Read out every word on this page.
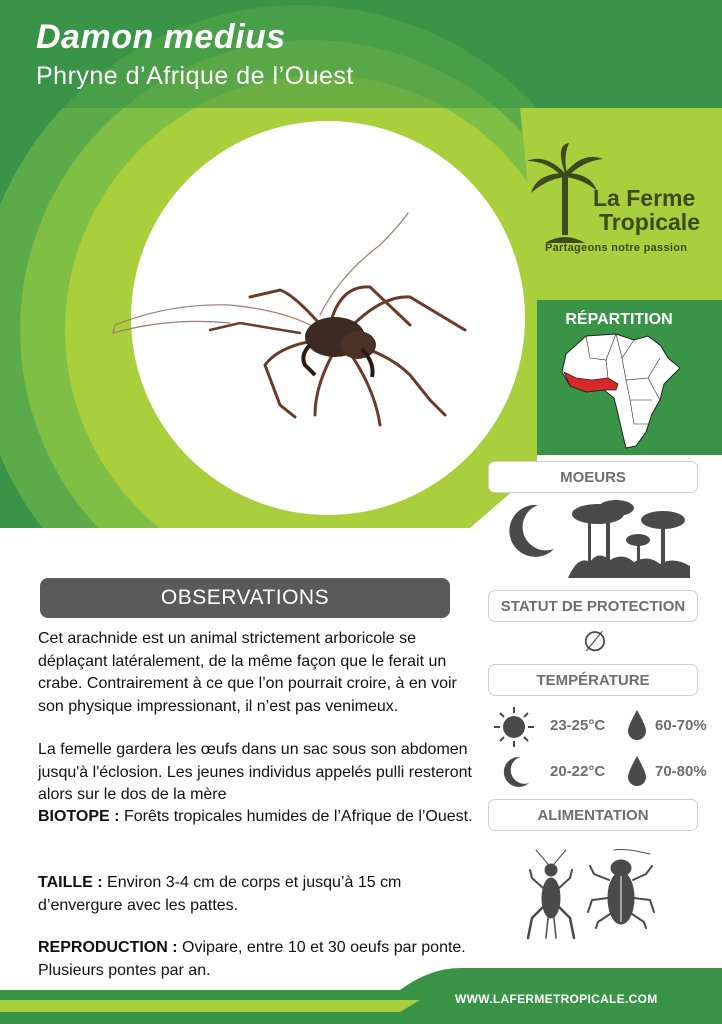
Damon medius
Phryne d’Afrique de l’Ouest
La Ferme
Tropicale
Partageons notre passion
RÉPARTITION
MOEURS
STATUT DE PROTECTION
∅
TEMPÉRATURE
23-25°C	60-70%
20-22°C	70-80%
ALIMENTATION
OBSERVATIONS
Cet arachnide est un animal strictement arboricole se déplaçant latéralement, de la même façon que le ferait un crabe. Contrairement à ce que l’on pourrait croire, à en voir son physique impressionant, il n’est pas venimeux.
La femelle gardera les œufs dans un sac sous son abdomen jusqu'à l'éclosion. Les jeunes individus appelés pulli resteront alors sur le dos de la mère
BIOTOPE : Forêts tropicales humides de l’Afrique de l’Ouest.
TAILLE : Environ 3-4 cm de corps et jusqu’à 15 cm d’envergure avec les pattes.
REPRODUCTION : Ovipare, entre 10 et 30 oeufs par ponte. Plusieurs pontes par an.
WWW.LAFERMETROPICALE.COM
